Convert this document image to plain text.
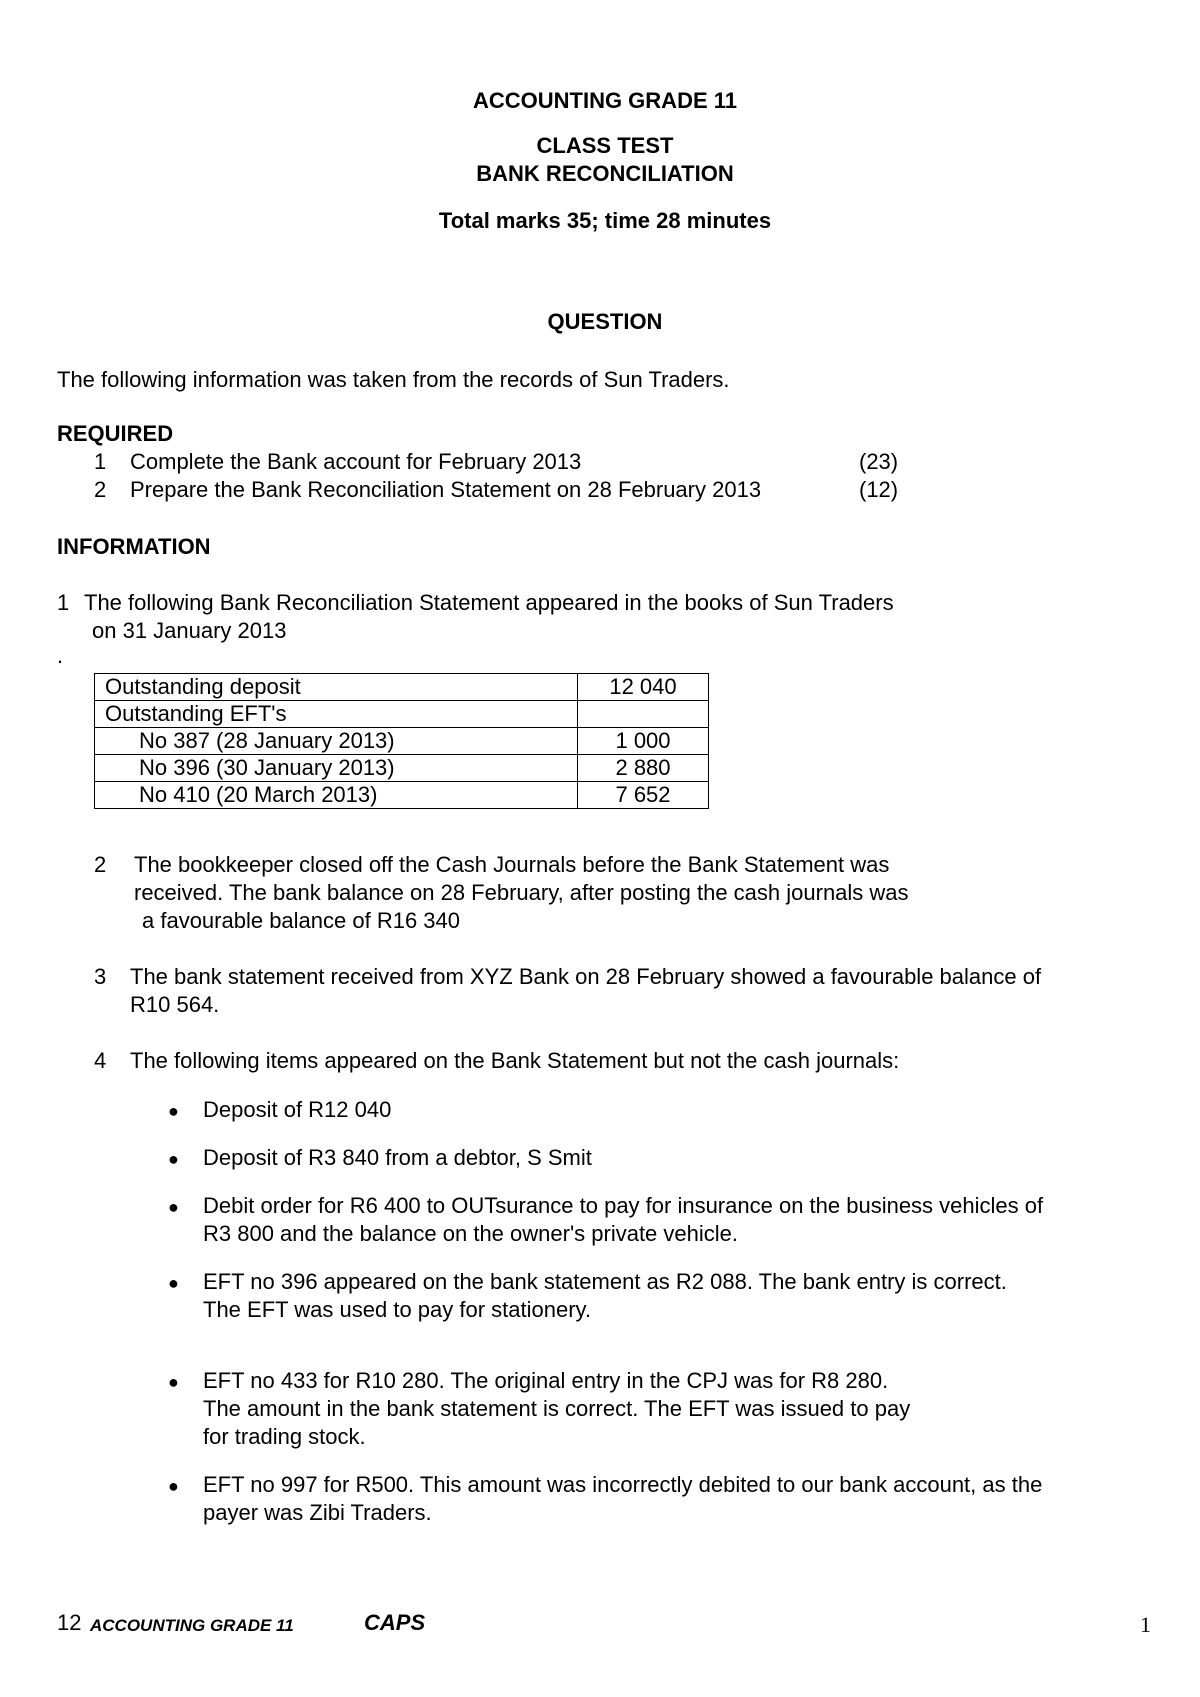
ACCOUNTING GRADE 11
CLASS TEST
BANK RECONCILIATION
Total marks 35; time 28 minutes
QUESTION
The following information was taken from the records of Sun Traders.
REQUIRED
1 Complete the Bank account for February 2013	(23)
2 Prepare the Bank Reconciliation Statement on 28 February 2013	(12)
INFORMATION
1 The following Bank Reconciliation Statement appeared in the books of Sun Traders
on 31 January 2013
.
Outstanding deposit	12 040
Outstanding EFT's	
No 387 (28 January 2013)	1 000
No 396 (30 January 2013)	2 880
No 410 (20 March 2013)	7 652
2 The bookkeeper closed off the Cash Journals before the Bank Statement was
received. The bank balance on 28 February, after posting the cash journals was
a favourable balance of R16 340
3 The bank statement received from XYZ Bank on 28 February showed a favourable balance of
R10 564.
4 The following items appeared on the Bank Statement but not the cash journals:
● Deposit of R12 040
● Deposit of R3 840 from a debtor, S Smit
● Debit order for R6 400 to OUTsurance to pay for insurance on the business vehicles of
R3 800 and the balance on the owner's private vehicle.
● EFT no 396 appeared on the bank statement as R2 088. The bank entry is correct.
The EFT was used to pay for stationery.
● EFT no 433 for R10 280. The original entry in the CPJ was for R8 280.
The amount in the bank statement is correct. The EFT was issued to pay
for trading stock.
● EFT no 997 for R500. This amount was incorrectly debited to our bank account, as the
payer was Zibi Traders.
12 ACCOUNTING GRADE 11	CAPS	1
